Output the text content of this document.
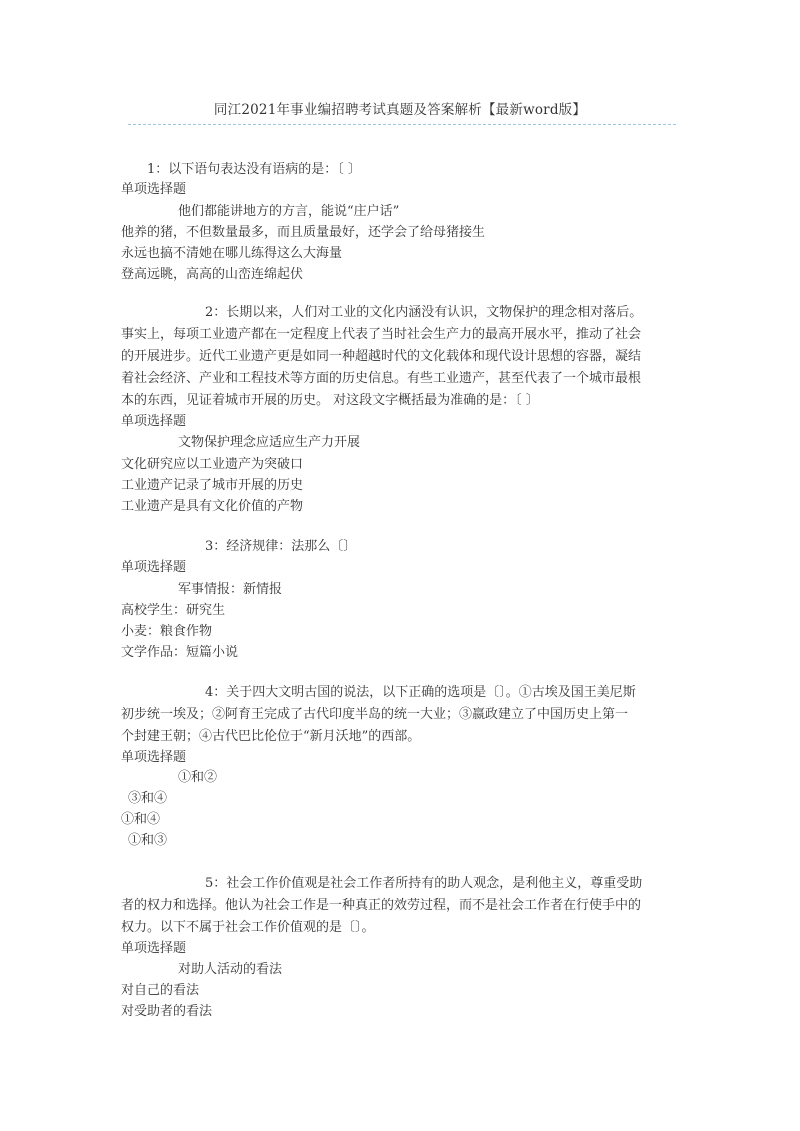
同江2021年事业编招聘考试真题及答案解析【最新word版】
1：以下语句表达没有语病的是：〔 〕
单项选择题
他们都能讲地方的方言，能说“庄户话”
他养的猪，不但数量最多，而且质量最好，还学会了给母猪接生
永远也搞不清她在哪儿练得这么大海量
登高远眺，高高的山峦连绵起伏
2：长期以来，人们对工业的文化内涵没有认识，文物保护的理念相对落后。
事实上，每项工业遗产都在一定程度上代表了当时社会生产力的最高开展水平，推动了社会
的开展进步。近代工业遗产更是如同一种超越时代的文化载体和现代设计思想的容器，凝结
着社会经济、产业和工程技术等方面的历史信息。有些工业遗产，甚至代表了一个城市最根
本的东西，见证着城市开展的历史。 对这段文字概括最为准确的是：〔 〕
单项选择题
文物保护理念应适应生产力开展
文化研究应以工业遗产为突破口
工业遗产记录了城市开展的历史
工业遗产是具有文化价值的产物
3：经济规律：法那么〔〕
单项选择题
军事情报：新情报
高校学生：研究生
小麦：粮食作物
文学作品：短篇小说
4：关于四大文明古国的说法，以下正确的选项是〔〕。①古埃及国王美尼斯
初步统一埃及；②阿育王完成了古代印度半岛的统一大业；③嬴政建立了中国历史上第一
个封建王朝；④古代巴比伦位于“新月沃地”的西部。
单项选择题
①和②
③和④
①和④
①和③
5：社会工作价值观是社会工作者所持有的助人观念，是利他主义，尊重受助
者的权力和选择。他认为社会工作是一种真正的效劳过程，而不是社会工作者在行使手中的
权力。以下不属于社会工作价值观的是〔〕。
单项选择题
对助人活动的看法
对自己的看法
对受助者的看法
